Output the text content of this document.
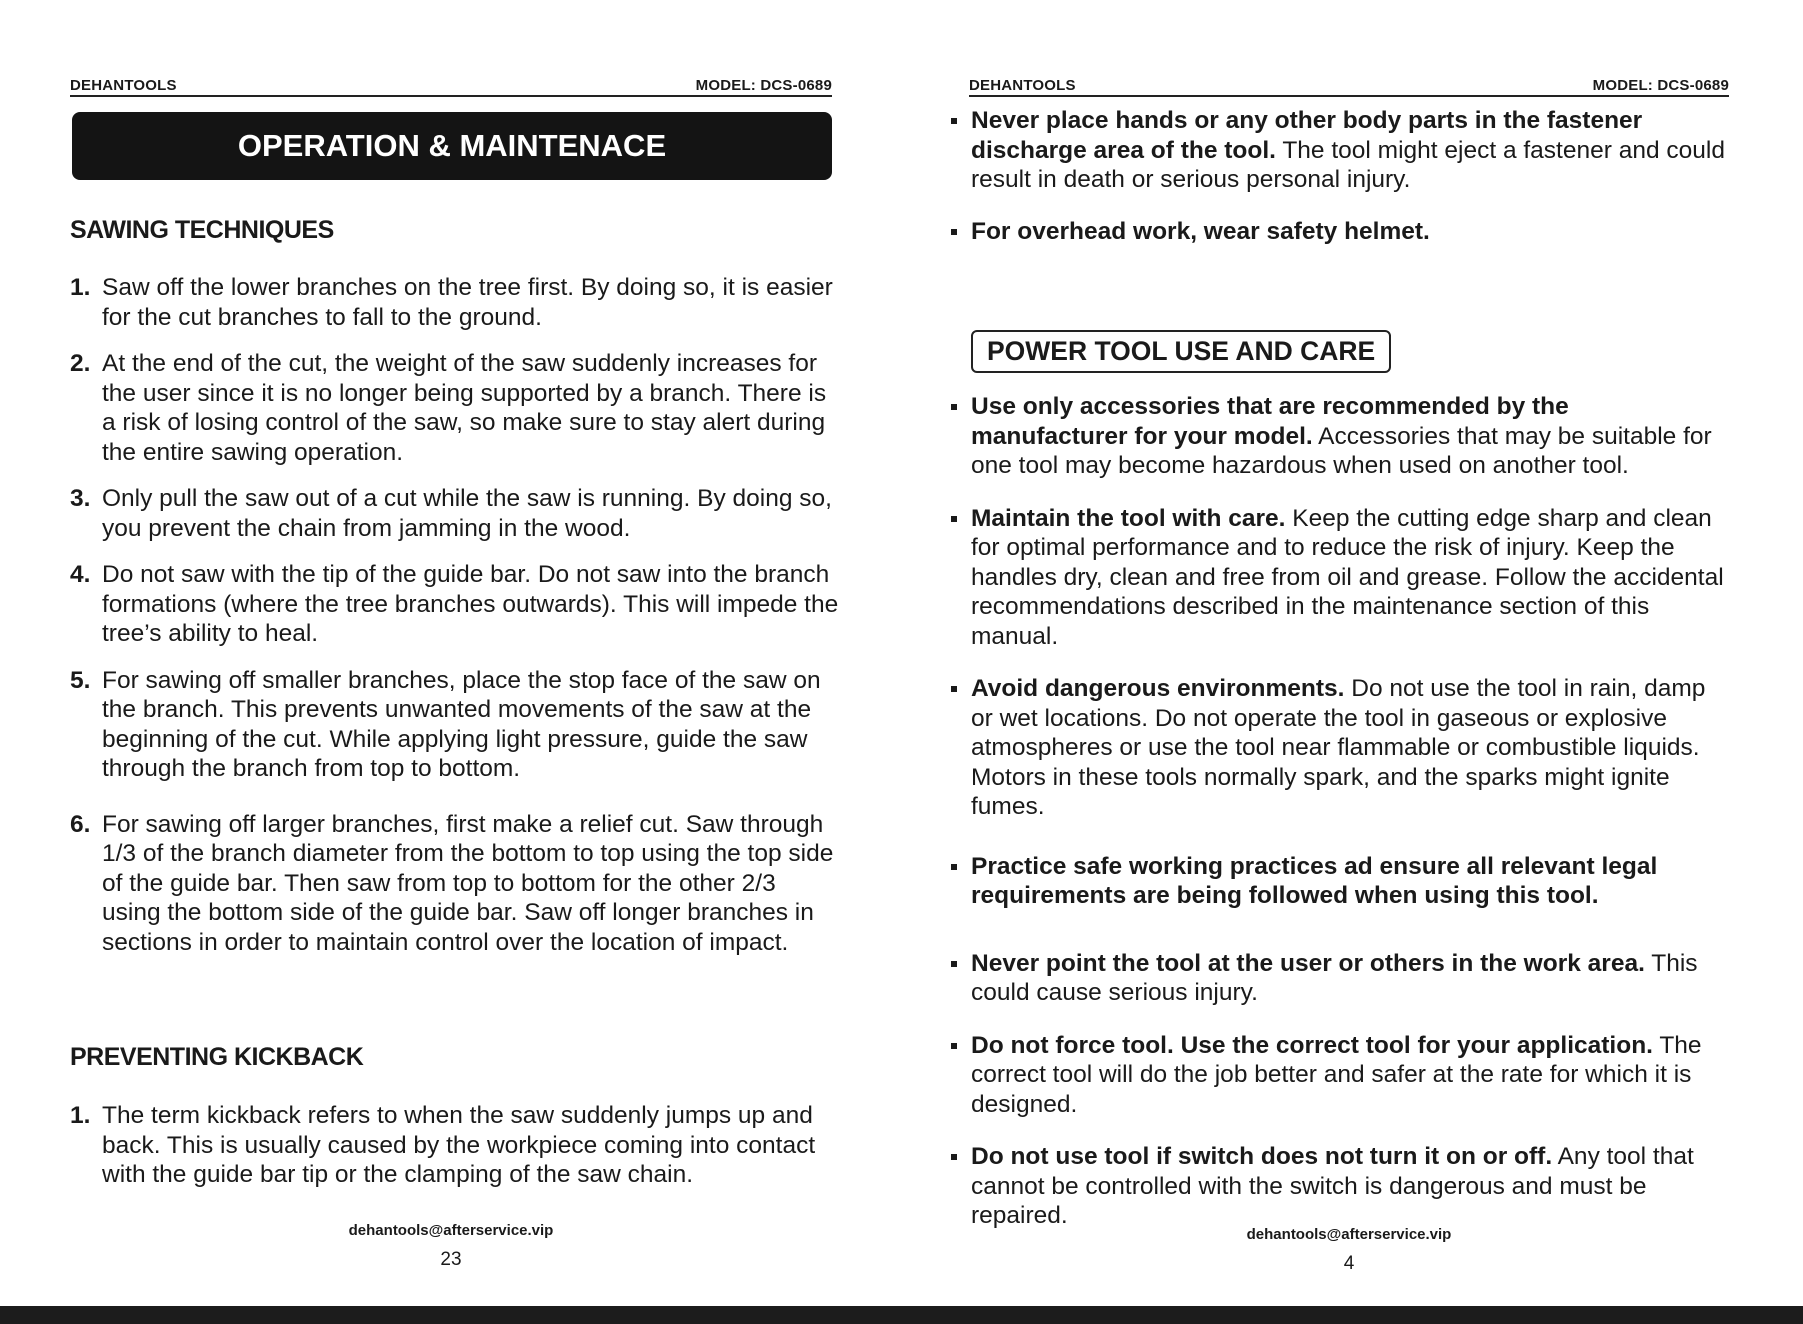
DEHANTOOLS	MODEL: DCS-0689
OPERATION & MAINTENACE
SAWING TECHNIQUES
1. Saw off the lower branches on the tree first. By doing so, it is easier for the cut branches to fall to the ground.
2. At the end of the cut, the weight of the saw suddenly increases for the user since it is no longer being supported by a branch. There is a risk of losing control of the saw, so make sure to stay alert during the entire sawing operation.
3. Only pull the saw out of a cut while the saw is running. By doing so, you prevent the chain from jamming in the wood.
4. Do not saw with the tip of the guide bar. Do not saw into the branch formations (where the tree branches outwards). This will impede the tree’s ability to heal.
5. For sawing off smaller branches, place the stop face of the saw on the branch. This prevents unwanted movements of the saw at the beginning of the cut. While applying light pressure, guide the saw through the branch from top to bottom.
6. For sawing off larger branches, first make a relief cut. Saw through 1/3 of the branch diameter from the bottom to top using the top side of the guide bar. Then saw from top to bottom for the other 2/3 using the bottom side of the guide bar. Saw off longer branches in sections in order to maintain control over the location of impact.
PREVENTING KICKBACK
1. The term kickback refers to when the saw suddenly jumps up and back. This is usually caused by the workpiece coming into contact with the guide bar tip or the clamping of the saw chain.
dehantools@afterservice.vip
23
DEHANTOOLS	MODEL: DCS-0689
Never place hands or any other body parts in the fastener discharge area of the tool. The tool might eject a fastener and could result in death or serious personal injury.
For overhead work, wear safety helmet.
POWER TOOL USE AND CARE
Use only accessories that are recommended by the manufacturer for your model. Accessories that may be suitable for one tool may become hazardous when used on another tool.
Maintain the tool with care. Keep the cutting edge sharp and clean for optimal performance and to reduce the risk of injury. Keep the handles dry, clean and free from oil and grease. Follow the accidental recommendations described in the maintenance section of this manual.
Avoid dangerous environments. Do not use the tool in rain, damp or wet locations. Do not operate the tool in gaseous or explosive atmospheres or use the tool near flammable or combustible liquids. Motors in these tools normally spark, and the sparks might ignite fumes.
Practice safe working practices ad ensure all relevant legal requirements are being followed when using this tool.
Never point the tool at the user or others in the work area. This could cause serious injury.
Do not force tool. Use the correct tool for your application. The correct tool will do the job better and safer at the rate for which it is designed.
Do not use tool if switch does not turn it on or off. Any tool that cannot be controlled with the switch is dangerous and must be repaired.
dehantools@afterservice.vip
4
